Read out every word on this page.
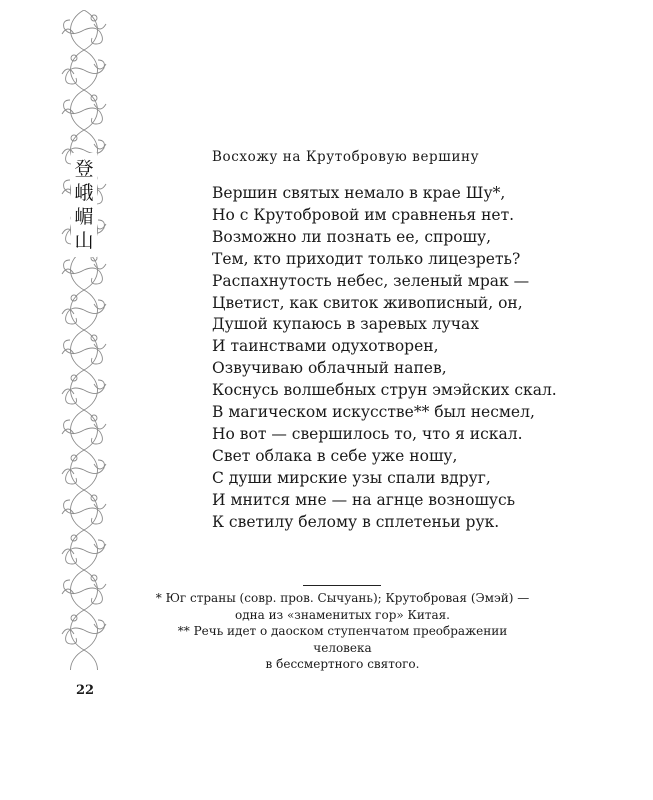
登
峨
嵋
山
Восхожу на Крутобровую вершину
Вершин святых немало в крае Шу*,
Но с Крутобровой им сравненья нет.
Возможно ли познать ее, спрошу,
Тем, кто приходит только лицезреть?
Распахнутость небес, зеленый мрак —
Цветист, как свиток живописный, он,
Душой купаюсь в заревых лучах
И таинствами одухотворен,
Озвучиваю облачный напев,
Коснусь волшебных струн эмэйских скал.
В магическом искусстве** был несмел,
Но вот — свершилось то, что я искал.
Свет облака в себе уже ношу,
С души мирские узы спали вдруг,
И мнится мне — на агнце возношусь
К светилу белому в сплетеньи рук.

* Юг страны (совр. пров. Сычуань); Крутобровая (Эмэй) —

одна из «знаменитых гор» Китая.

** Речь идет о даоском ступенчатом преображении человека

в бессмертного святого.

22
